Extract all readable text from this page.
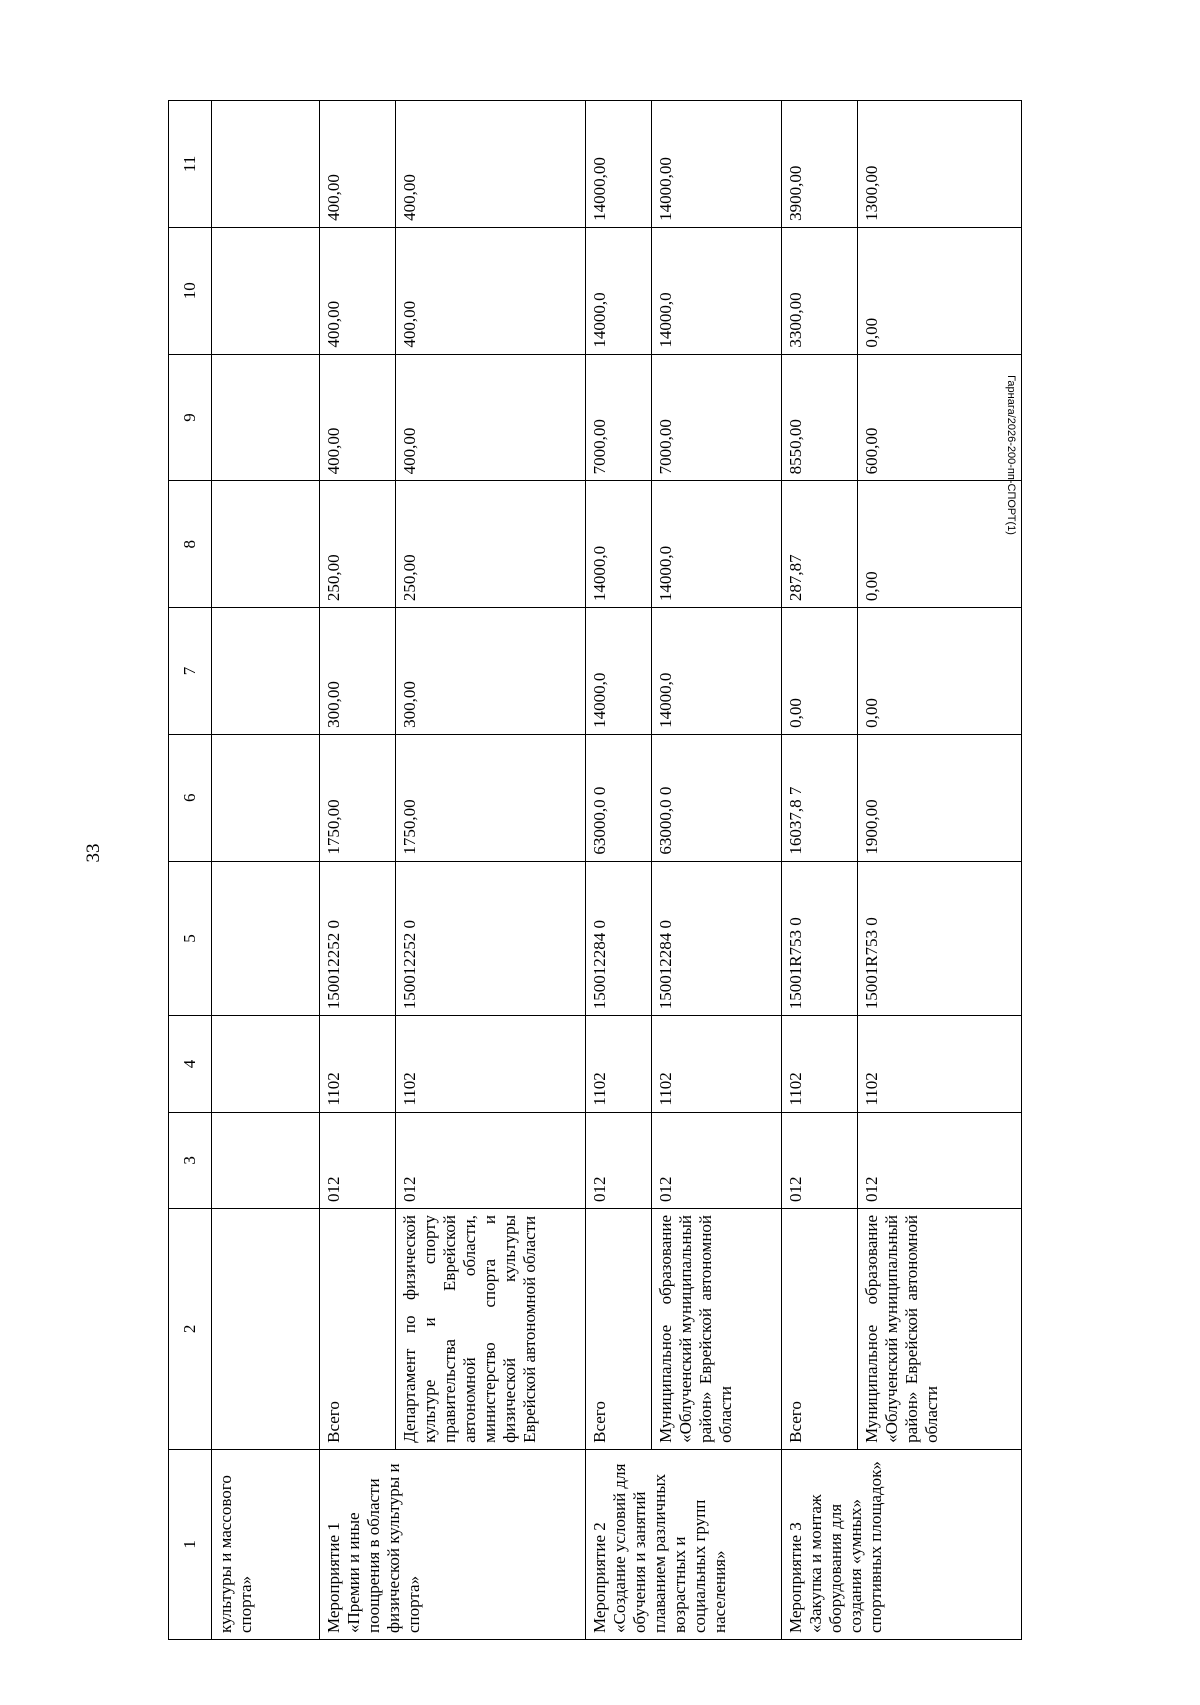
33
Гарнага/2026-200-пп-СПОРТ(1)
1	2	3	4	5	6	7	8	9	10	11
культуры и массового спорта»										
Мероприятие 1 «Премии и иные поощрения в области физической культуры и спорта»	Всего	012	1102	150012252 0	1750,00	300,00	250,00	400,00	400,00	400,00
	Департамент по физической культуре и спорту правительства Еврейской автономной области, министерство спорта и физической культуры Еврейской автономной области	012	1102	150012252 0	1750,00	300,00	250,00	400,00	400,00	400,00
Мероприятие 2 «Создание условий для обучения и занятий плаванием различных возрастных и социальных групп населения»	Всего	012	1102	150012284 0	63000,0 0	14000,0	14000,0	7000,00	14000,0	14000,00
	Муниципальное образование «Облученский муниципальный район» Еврейской автономной области	012	1102	150012284 0	63000,0 0	14000,0	14000,0	7000,00	14000,0	14000,00
Мероприятие 3 «Закупка и монтаж оборудования для создания «умных» спортивных площадок»	Всего	012	1102	15001R753 0	16037,8 7	0,00	287,87	8550,00	3300,00	3900,00
	Муниципальное образование «Облученский муниципальный район» Еврейской автономной области	012	1102	15001R753 0	1900,00	0,00	0,00	600,00	0,00	1300,00
